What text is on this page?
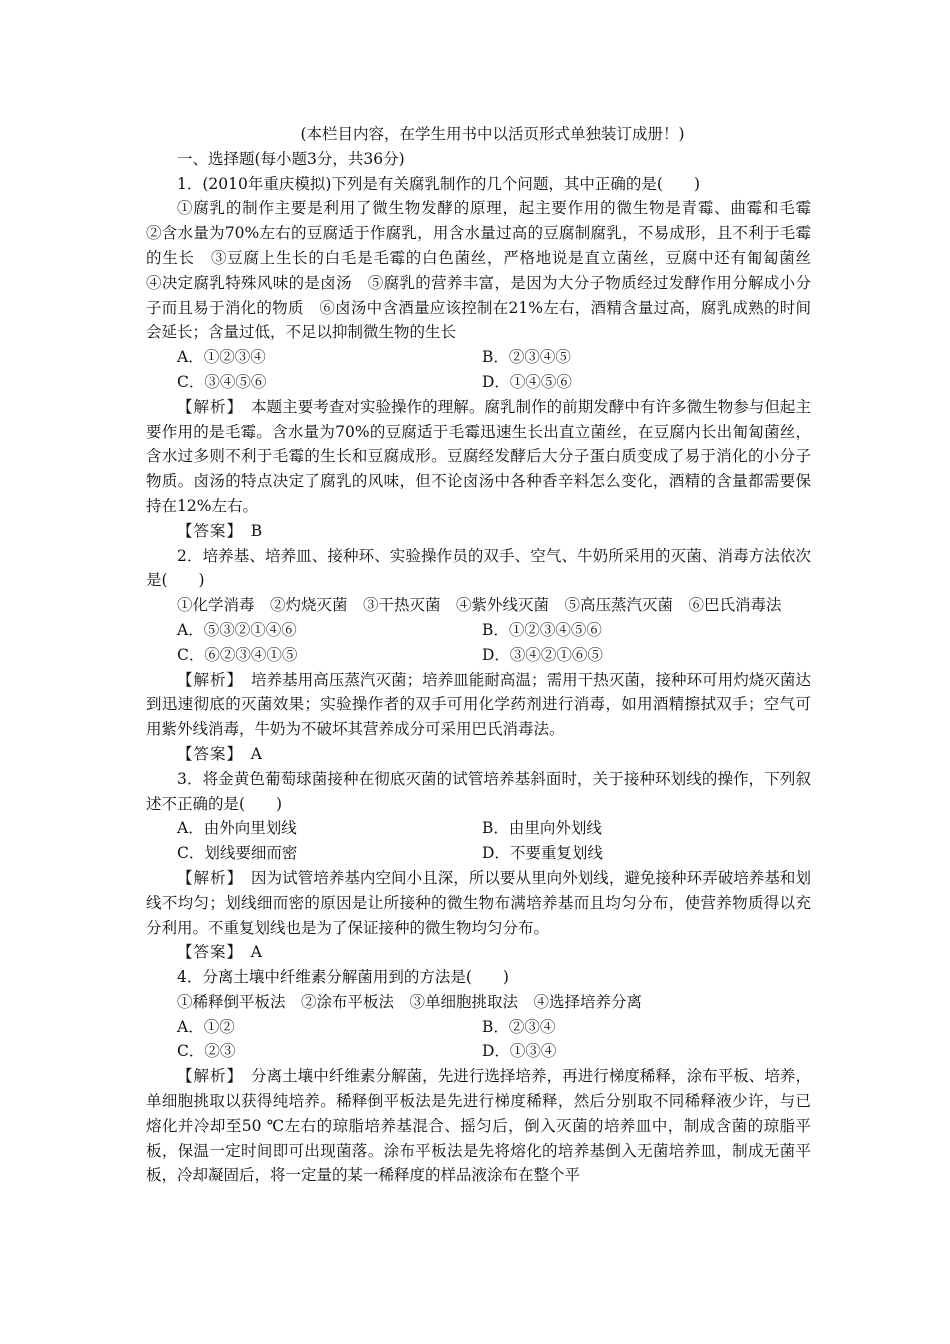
(本栏目内容，在学生用书中以活页形式单独装订成册！)

一、选择题(每小题3分，共36分)

1．(2010年重庆模拟)下列是有关腐乳制作的几个问题，其中正确的是(　　)

①腐乳的制作主要是利用了微生物发酵的原理，起主要作用的微生物是青霉、曲霉和毛霉　②含水量为70%左右的豆腐适于作腐乳，用含水量过高的豆腐制腐乳，不易成形，且不利于毛霉的生长　③豆腐上生长的白毛是毛霉的白色菌丝，严格地说是直立菌丝，豆腐中还有匍匐菌丝　④决定腐乳特殊风味的是卤汤　⑤腐乳的营养丰富，是因为大分子物质经过发酵作用分解成小分子而且易于消化的物质　⑥卤汤中含酒量应该控制在21%左右，酒精含量过高，腐乳成熟的时间会延长；含量过低，不足以抑制微生物的生长

A．①②③④	B．②③④⑤
C．③④⑤⑥	D．①④⑤⑥

【解析】　 本题主要考查对实验操作的理解。腐乳制作的前期发酵中有许多微生物参与但起主要作用的是毛霉。含水量为70%的豆腐适于毛霉迅速生长出直立菌丝，在豆腐内长出匍匐菌丝，含水过多则不利于毛霉的生长和豆腐成形。豆腐经发酵后大分子蛋白质变成了易于消化的小分子物质。卤汤的特点决定了腐乳的风味，但不论卤汤中各种香辛料怎么变化，酒精的含量都需要保持在12%左右。

【答案】　 B

2．培养基、培养皿、接种环、实验操作员的双手、空气、牛奶所采用的灭菌、消毒方法依次是(　　)

①化学消毒　②灼烧灭菌　③干热灭菌　④紫外线灭菌　⑤高压蒸汽灭菌　⑥巴氏消毒法

A．⑤③②①④⑥	B．①②③④⑤⑥
C．⑥②③④①⑤	D．③④②①⑥⑤

【解析】　 培养基用高压蒸汽灭菌；培养皿能耐高温；需用干热灭菌，接种环可用灼烧灭菌达到迅速彻底的灭菌效果；实验操作者的双手可用化学药剂进行消毒，如用酒精擦拭双手；空气可用紫外线消毒，牛奶为不破坏其营养成分可采用巴氏消毒法。

【答案】　 A

3．将金黄色葡萄球菌接种在彻底灭菌的试管培养基斜面时，关于接种环划线的操作，下列叙述不正确的是(　　)

A．由外向里划线	B．由里向外划线
C．划线要细而密	D．不要重复划线

【解析】　 因为试管培养基内空间小且深，所以要从里向外划线，避免接种环弄破培养基和划线不均匀；划线细而密的原因是让所接种的微生物布满培养基而且均匀分布，使营养物质得以充分利用。不重复划线也是为了保证接种的微生物均匀分布。

【答案】　 A

4．分离土壤中纤维素分解菌用到的方法是(　　)

①稀释倒平板法　②涂布平板法　③单细胞挑取法　④选择培养分离

A．①②	B．②③④
C．②③	D．①③④

【解析】　 分离土壤中纤维素分解菌，先进行选择培养，再进行梯度稀释，涂布平板、培养，单细胞挑取以获得纯培养。稀释倒平板法是先进行梯度稀释，然后分别取不同稀释液少许，与已熔化并冷却至50 ℃左右的琼脂培养基混合、摇匀后，倒入灭菌的培养皿中，制成含菌的琼脂平板，保温一定时间即可出现菌落。涂布平板法是先将熔化的培养基倒入无菌培养皿，制成无菌平板，冷却凝固后，将一定量的某一稀释度的样品液涂布在整个平
